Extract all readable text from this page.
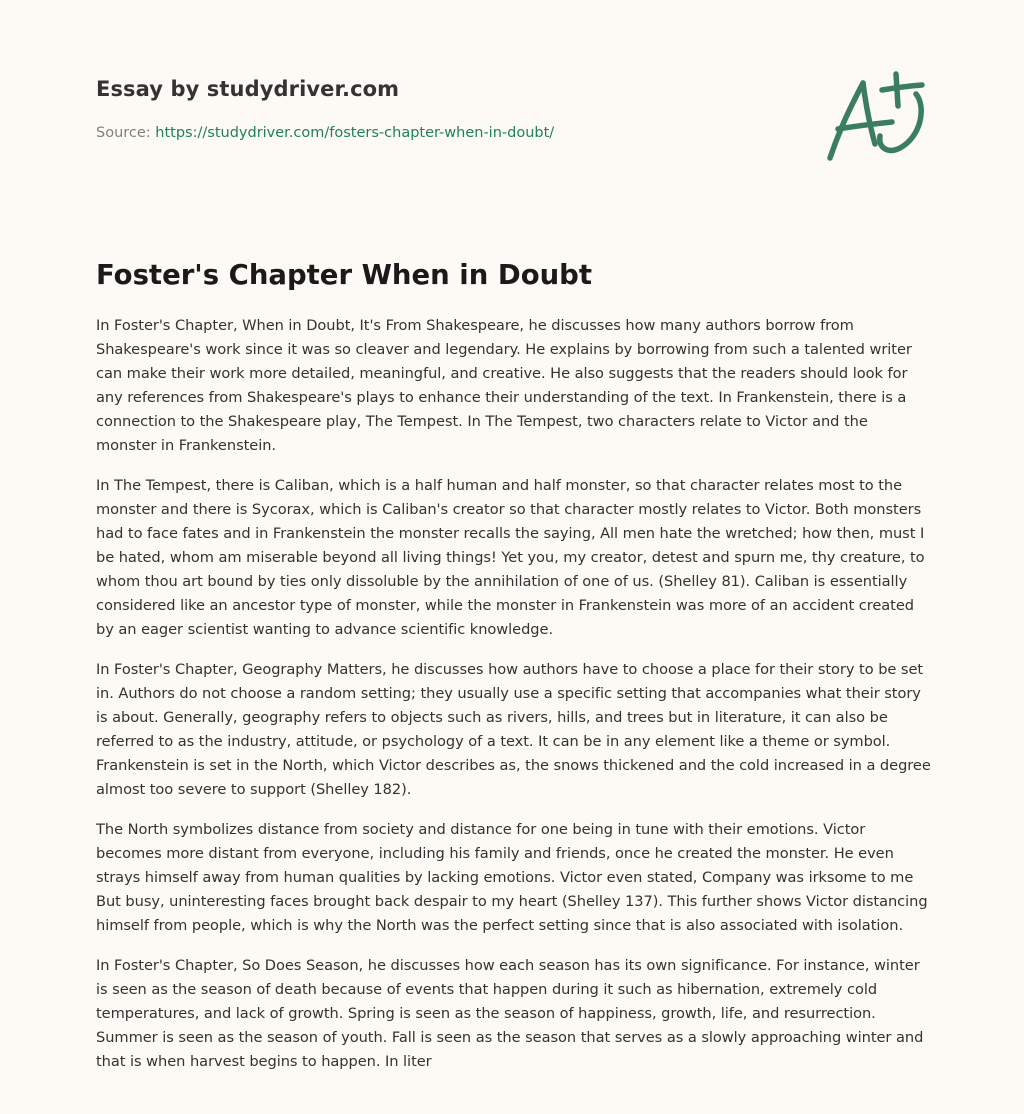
Essay by studydriver.com
Source: https://studydriver.com/fosters-chapter-when-in-doubt/
Foster's Chapter When in Doubt

In Foster's Chapter, When in Doubt, It's From Shakespeare, he discusses how many authors borrow from Shakespeare's work since it was so cleaver and legendary. He explains by borrowing from such a talented writer can make their work more detailed, meaningful, and creative. He also suggests that the readers should look for any references from Shakespeare's plays to enhance their understanding of the text. In Frankenstein, there is a connection to the Shakespeare play, The Tempest. In The Tempest, two characters relate to Victor and the monster in Frankenstein.

In The Tempest, there is Caliban, which is a half human and half monster, so that character relates most to the monster and there is Sycorax, which is Caliban's creator so that character mostly relates to Victor. Both monsters had to face fates and in Frankenstein the monster recalls the saying, All men hate the wretched; how then, must I be hated, whom am miserable beyond all living things! Yet you, my creator, detest and spurn me, thy creature, to whom thou art bound by ties only dissoluble by the annihilation of one of us. (Shelley 81). Caliban is essentially considered like an ancestor type of monster, while the monster in Frankenstein was more of an accident created by an eager scientist wanting to advance scientific knowledge.

In Foster's Chapter, Geography Matters, he discusses how authors have to choose a place for their story to be set in. Authors do not choose a random setting; they usually use a specific setting that accompanies what their story is about. Generally, geography refers to objects such as rivers, hills, and trees but in literature, it can also be referred to as the industry, attitude, or psychology of a text. It can be in any element like a theme or symbol. Frankenstein is set in the North, which Victor describes as, the snows thickened and the cold increased in a degree almost too severe to support (Shelley 182).

The North symbolizes distance from society and distance for one being in tune with their emotions. Victor becomes more distant from everyone, including his family and friends, once he created the monster. He even strays himself away from human qualities by lacking emotions. Victor even stated, Company was irksome to me But busy, uninteresting faces brought back despair to my heart (Shelley 137). This further shows Victor distancing himself from people, which is why the North was the perfect setting since that is also associated with isolation.

In Foster's Chapter, So Does Season, he discusses how each season has its own significance. For instance, winter is seen as the season of death because of events that happen during it such as hibernation, extremely cold temperatures, and lack of growth. Spring is seen as the season of happiness, growth, life, and resurrection. Summer is seen as the season of youth. Fall is seen as the season that serves as a slowly approaching winter and that is when harvest begins to happen. In liter
